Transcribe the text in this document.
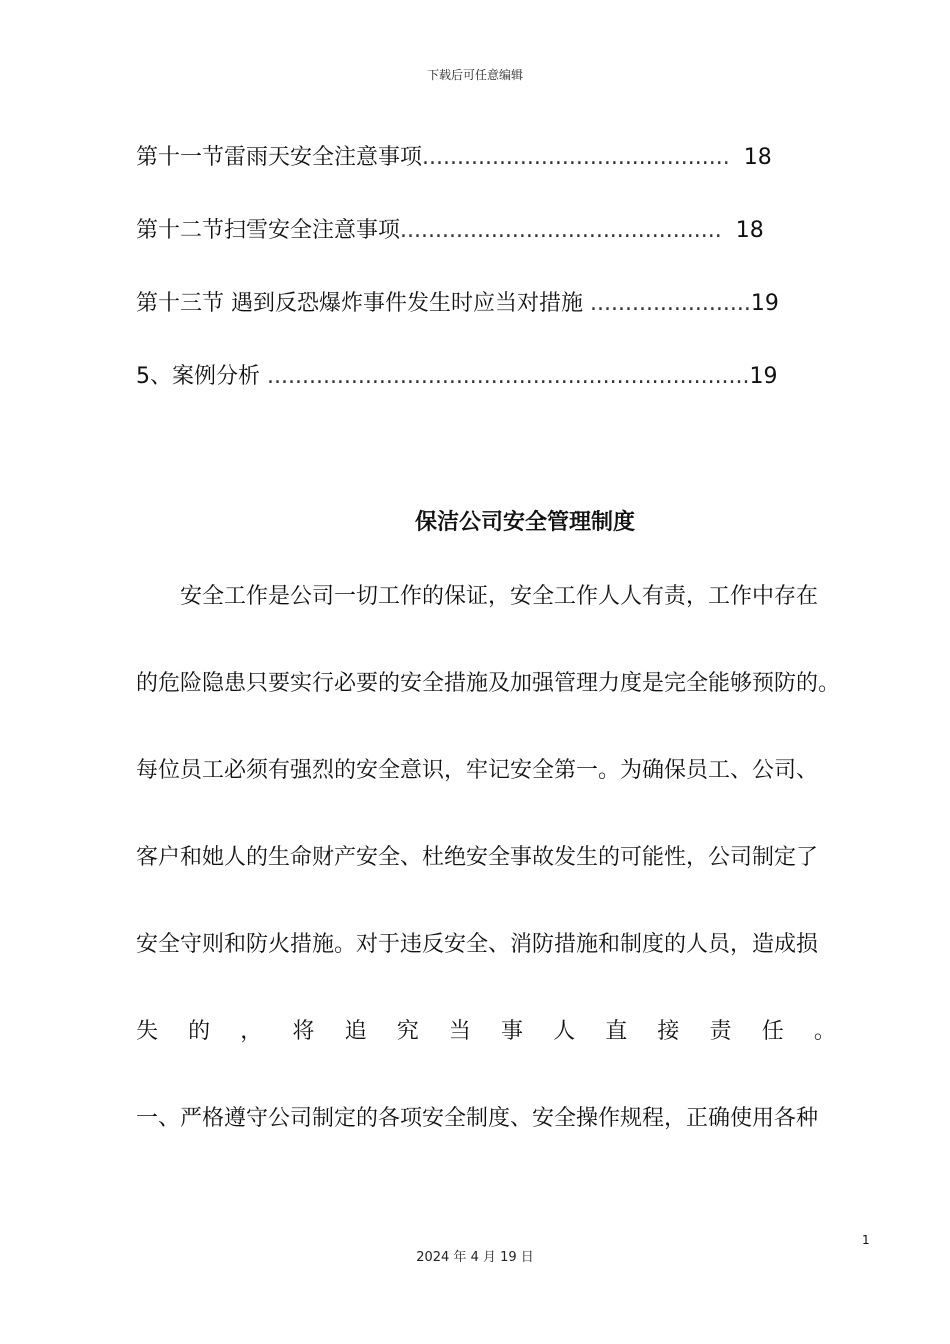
下载后可任意编辑
第十一节雷雨天安全注意事项............................................ 18
第十二节扫雪安全注意事项.............................................. 18
第十三节 遇到反恐爆炸事件发生时应当对措施 .......................19
5、案例分析 .....................................................................19
保洁公司安全管理制度
安全工作是公司一切工作的保证，安全工作人人有责，工作中存在
的危险隐患只要实行必要的安全措施及加强管理力度是完全能够预防的。
每位员工必须有强烈的安全意识，牢记安全第一。为确保员工、公司、
客户和她人的生命财产安全、杜绝安全事故发生的可能性，公司制定了
安全守则和防火措施。对于违反安全、消防措施和制度的人员，造成损
失 的 ， 将 追 究 当 事 人 直 接 责 任 。
一、严格遵守公司制定的各项安全制度、安全操作规程，正确使用各种
1
2024 年 4 月 19 日
